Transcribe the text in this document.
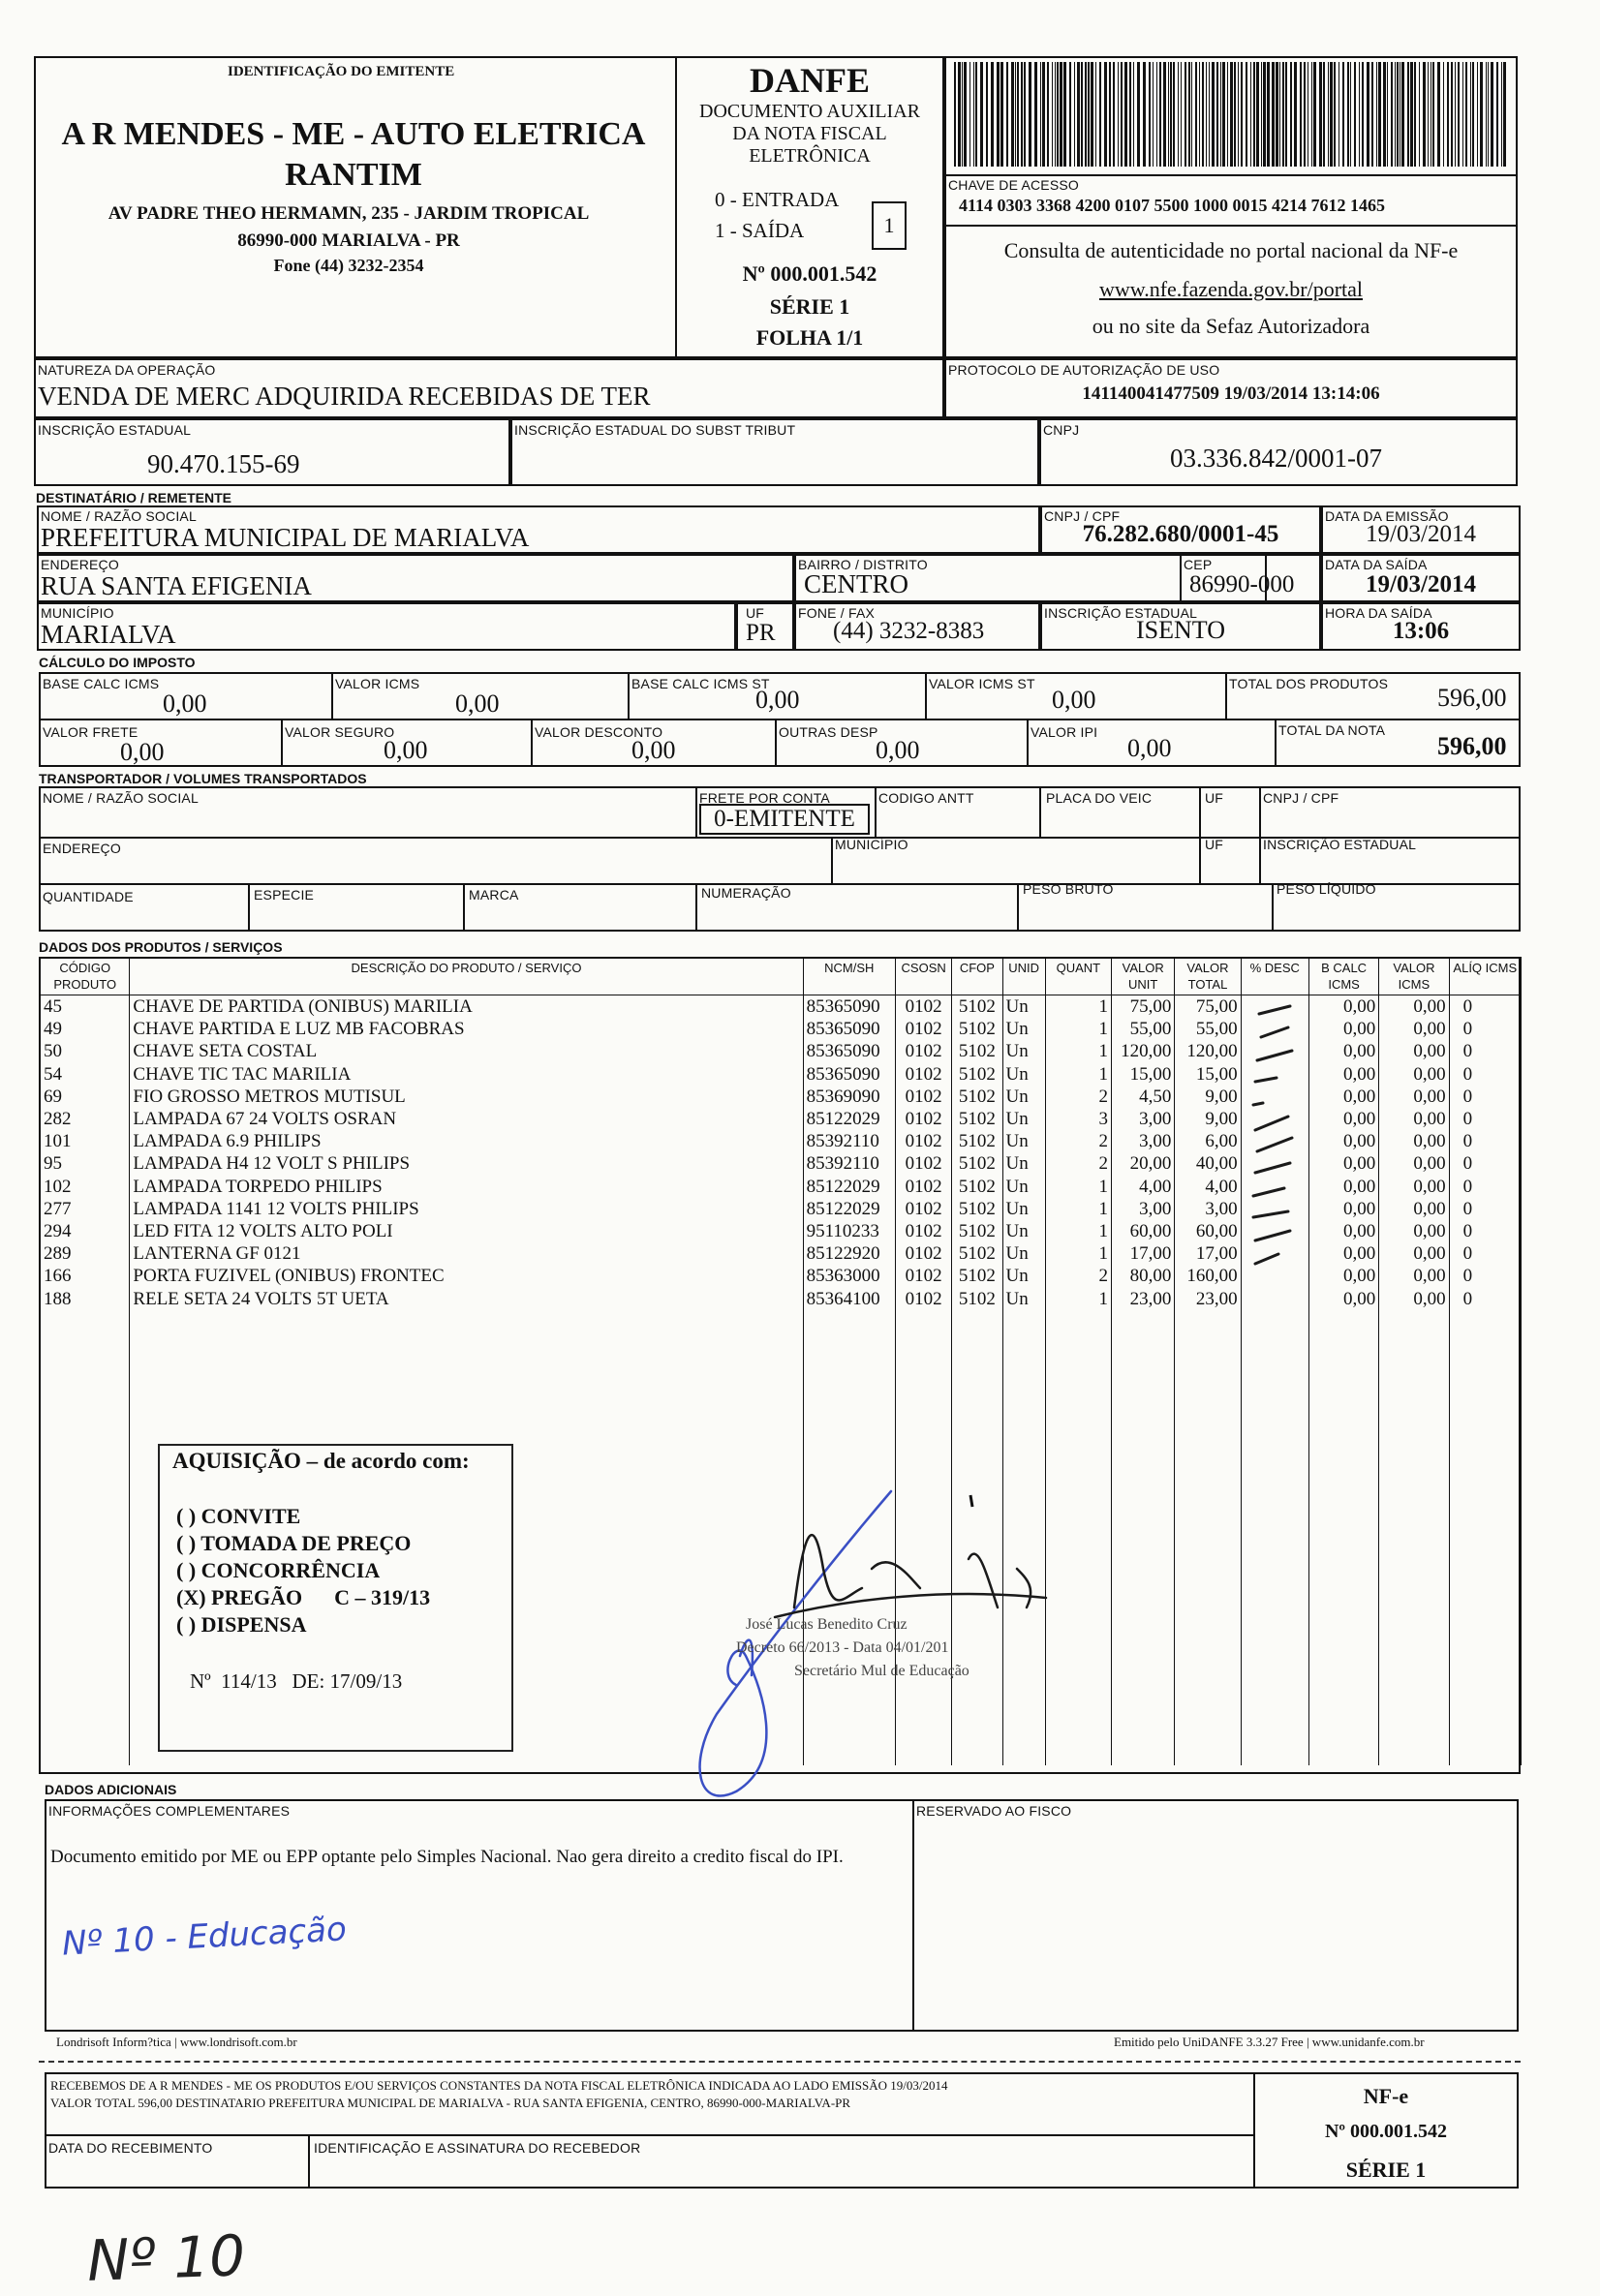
IDENTIFICAÇÃO DO EMITENTE
A R MENDES - ME - AUTO ELETRICA RANTIM
AV PADRE THEO HERMAMN, 235 - JARDIM TROPICAL
86990-000 MARIALVA - PR
Fone (44) 3232-2354
DANFE
DOCUMENTO AUXILIAR DA NOTA FISCAL ELETRÔNICA
0 - ENTRADA
1 - SAÍDA	1
Nº 000.001.542
SÉRIE 1
FOLHA 1/1
CHAVE DE ACESSO
4114 0303 3368 4200 0107 5500 1000 0015 4214 7612 1465
Consulta de autenticidade no portal nacional da NF-e
www.nfe.fazenda.gov.br/portal
ou no site da Sefaz Autorizadora
NATUREZA DA OPERAÇÃO
VENDA DE MERC ADQUIRIDA RECEBIDAS DE TER
PROTOCOLO DE AUTORIZAÇÃO DE USO
141140041477509 19/03/2014 13:14:06
INSCRIÇÃO ESTADUAL
90.470.155-69
INSCRIÇÃO ESTADUAL DO SUBST TRIBUT	CNPJ
03.336.842/0001-07
DESTINATÁRIO / REMETENTE
NOME / RAZÃO SOCIAL
PREFEITURA MUNICIPAL DE MARIALVA
CNPJ / CPF
76.282.680/0001-45
DATA DA EMISSÃO
19/03/2014
ENDEREÇO
RUA SANTA EFIGENIA
BAIRRO / DISTRITO
CENTRO
CEP
86990-000
DATA DA SAÍDA
19/03/2014
MUNICÍPIO
MARIALVA
UF
PR
FONE / FAX
(44) 3232-8383
INSCRIÇÃO ESTADUAL
ISENTO
HORA DA SAÍDA
13:06
CÁLCULO DO IMPOSTO
BASE CALC ICMS
0,00
VALOR ICMS
0,00
BASE CALC ICMS ST
0,00
VALOR ICMS ST
0,00
TOTAL DOS PRODUTOS 596,00
VALOR FRETE
0,00
VALOR SEGURO
0,00
VALOR DESCONTO
0,00
OUTRAS DESP
0,00
VALOR IPI
0,00
TOTAL DA NOTA
596,00
TRANSPORTADOR / VOLUMES TRANSPORTADOS
NOME / RAZÃO SOCIAL	FRETE POR CONTA
0-EMITENTE
CODIGO ANTT	PLACA DO VEIC	UF	CNPJ / CPF
ENDEREÇO	MUNICÍPIO	UF	INSCRIÇÃO ESTADUAL
QUANTIDADE	ESPECIE	MARCA	NUMERAÇÃO	PESO BRUTO	PESO LÍQUIDO
DADOS DOS PRODUTOS / SERVIÇOS
CÓDIGO PRODUTO	DESCRIÇÃO DO PRODUTO / SERVIÇO	NCM/SH	CSOSN	CFOP	UNID	QUANT	VALOR UNIT	VALOR TOTAL	% DESC	B CALC ICMS	VALOR ICMS	ALÍQ ICMS
45	CHAVE DE PARTIDA (ONIBUS) MARILIA	85365090	0102	5102	Un	1	75,00	75,00		0,00	0,00	0
49	CHAVE PARTIDA E LUZ MB FACOBRAS	85365090	0102	5102	Un	1	55,00	55,00		0,00	0,00	0
50	CHAVE SETA COSTAL	85365090	0102	5102	Un	1	120,00	120,00		0,00	0,00	0
54	CHAVE TIC TAC MARILIA	85365090	0102	5102	Un	1	15,00	15,00		0,00	0,00	0
69	FIO GROSSO METROS MUTISUL	85369090	0102	5102	Un	2	4,50	9,00		0,00	0,00	0
282	LAMPADA 67 24 VOLTS OSRAN	85122029	0102	5102	Un	3	3,00	9,00		0,00	0,00	0
101	LAMPADA 6.9 PHILIPS	85392110	0102	5102	Un	2	3,00	6,00		0,00	0,00	0
95	LAMPADA H4 12 VOLT S PHILIPS	85392110	0102	5102	Un	2	20,00	40,00		0,00	0,00	0
102	LAMPADA TORPEDO PHILIPS	85122029	0102	5102	Un	1	4,00	4,00		0,00	0,00	0
277	LAMPADA 1141 12 VOLTS PHILIPS	85122029	0102	5102	Un	1	3,00	3,00		0,00	0,00	0
294	LED FITA 12 VOLTS ALTO POLI	95110233	0102	5102	Un	1	60,00	60,00		0,00	0,00	0
289	LANTERNA GF 0121	85122920	0102	5102	Un	1	17,00	17,00		0,00	0,00	0
166	PORTA FUZIVEL (ONIBUS) FRONTEC	85363000	0102	5102	Un	2	80,00	160,00		0,00	0,00	0
188	RELE SETA 24 VOLTS 5T UETA	85364100	0102	5102	Un	1	23,00	23,00		0,00	0,00	0

AQUISIÇÃO – de acordo com:
( ) CONVITE
( ) TOMADA DE PREÇO
( ) CONCORRÊNCIA
(X) PREGÃO      C – 319/13
( ) DISPENSA
Nº  114/13   DE: 17/09/13
José Lucas Benedito Cruz
Decreto 66/2013 - Data 04/01/201
Secretário Mul de Educação
DADOS ADICIONAIS
INFORMAÇÕES COMPLEMENTARES
Documento emitido por ME ou EPP optante pelo Simples Nacional. Nao gera direito a credito fiscal do IPI.
Nº 10 - Educação
RESERVADO AO FISCO
Londrisoft Inform?tica | www.londrisoft.com.br	Emitido pelo UniDANFE 3.3.27 Free | www.unidanfe.com.br
RECEBEMOS DE A R MENDES - ME OS PRODUTOS E/OU SERVIÇOS CONSTANTES DA NOTA FISCAL ELETRÔNICA INDICADA AO LADO EMISSÃO 19/03/2014
VALOR TOTAL 596,00 DESTINATARIO PREFEITURA MUNICIPAL DE MARIALVA - RUA SANTA EFIGENIA, CENTRO, 86990-000-MARIALVA-PR
DATA DO RECEBIMENTO	IDENTIFICAÇÃO E ASSINATURA DO RECEBEDOR
NF-e
Nº 000.001.542
SÉRIE 1
Nº 10
